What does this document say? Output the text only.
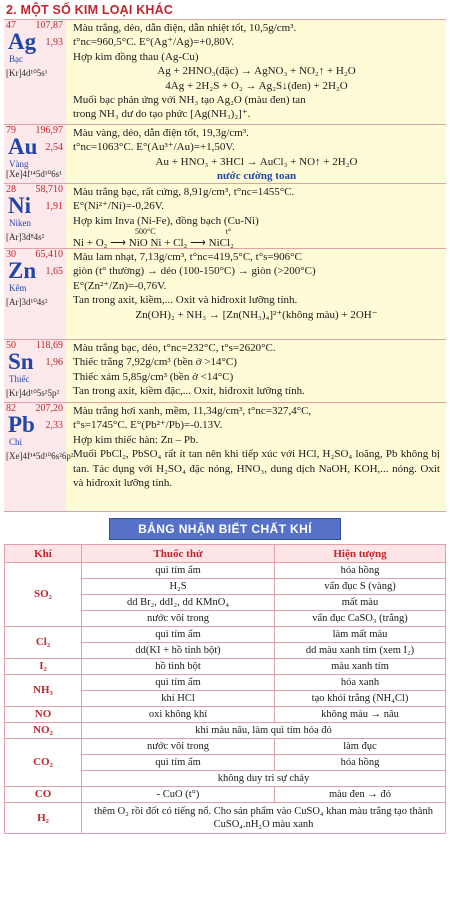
2. MỘT SỐ KIM LOẠI KHÁC
47 107,87
Ag 1,93
Bạc
[Kr]4d¹⁰5s¹
Màu trắng, dẻo, dẫn điện, dẫn nhiệt tốt, 10,5g/cm³.
t°nc=960,5°C. E°(Ag⁺/Ag)=+0,80V.
Hợp kim đồng thau (Ag-Cu)
Ag + 2HNO₃(đặc) → AgNO₃ + NO₂↑ + H₂O
4Ag + 2H₂S + O₂ → Ag₂S↓(đen) + 2H₂O
Muối bạc phản ứng với NH₃ tạo Ag₂O (màu đen) tan
trong NH₃ dư do tạo phức [Ag(NH₃)₂]⁺.
79 196,97
Au 2,54
Vàng
[Xe]4f¹⁴5d¹⁰6s¹
Màu vàng, dẻo, dẫn điện tốt, 19,3g/cm³.
t°nc=1063°C. E°(Au³⁺/Au)=+1,50V.
Au + HNO₃ + 3HCl → AuCl₃ + NO↑ + 2H₂O
nước cường toan
28 58,710
Ni 1,91
Niken
[Ar]3d⁸4s²
Màu trắng bạc, rất cứng, 8,91g/cm³, t°nc=1455°C.
E°(Ni²⁺/Ni)=-0,26V.
Hợp kim Inva (Ni-Fe), đồng bạch (Cu-Ni)
500°C                                   t°
Ni + O₂ ⟶ NiO Ni + Cl₂ ⟶ NiCl₂
30 65,410
Zn 1,65
Kẽm
[Ar]3d¹⁰4s²
Màu lam nhạt, 7,13g/cm³, t°nc=419,5°C, t°s=906°C
giòn (t° thường) → dẻo (100-150°C) → giòn (>200°C)
E°(Zn²⁺/Zn)=-0,76V.
Tan trong axit, kiềm,... Oxit và hiđroxit lưỡng tính.
Zn(OH)₂ + NH₃ → [Zn(NH₃)₄]²⁺(không màu) + 2OH⁻
50 118,69
Sn 1,96
Thiếc
[Kr]4d¹⁰5s²5p²
Màu trắng bạc, dẻo, t°nc=232°C, t°s=2620°C.
Thiếc trắng 7,92g/cm³ (bền ở >14°C)
Thiếc xám 5,85g/cm³ (bền ở <14°C)
Tan trong axit, kiềm đặc,... Oxit, hiđroxit lưỡng tính.
82 207,20
Pb 2,33
Chì
[Xe]4f¹⁴5d¹⁰6s²6p²
Màu trắng hơi xanh, mềm, 11,34g/cm³, t°nc=327,4°C,
t°s=1745°C. E°(Pb²⁺/Pb)=-0.13V.
Hợp kim thiếc hàn: Zn – Pb.
Muối PbCl₂, PbSO₄ rất ít tan nên khi tiếp xúc với HCl, H₂SO₄ loãng, Pb không bị tan. Tác dụng với H₂SO₄ đặc nóng, HNO₃, dung dịch NaOH, KOH,... nóng. Oxit và hiđroxit lưỡng tính.
BẢNG NHẬN BIẾT CHẤT KHÍ
Khí	Thuốc thử	Hiện tượng
SO₂	quì tím ẩm	hóa hồng
	H₂S	vẩn đục S (vàng)
	dd Br₂, ddI₂, dd KMnO₄	mất màu
	nước vôi trong	vẩn đục CaSO₃ (trắng)
Cl₂	quì tím ẩm	làm mất màu
	dd(KI + hồ tinh bột)	dd màu xanh tím (xem I₂)
I₂	hồ tinh bột	màu xanh tím
NH₃	quì tím ẩm	hóa xanh
	khí HCl	tạo khói trắng (NH₄Cl)
NO	oxi không khí	không màu → nâu
NO₂	khí màu nâu, làm quì tím hóa đỏ	
CO₂	nước vôi trong	làm đục
	quì tím ẩm	hóa hồng
	không duy trì sự cháy	
CO	- CuO (t°)	màu đen → đỏ
H₂	thêm O₂ rồi đốt có tiếng nổ. Cho sản phẩm vào CuSO₄ khan màu trắng tạo thành CuSO₄.nH₂O màu xanh	
